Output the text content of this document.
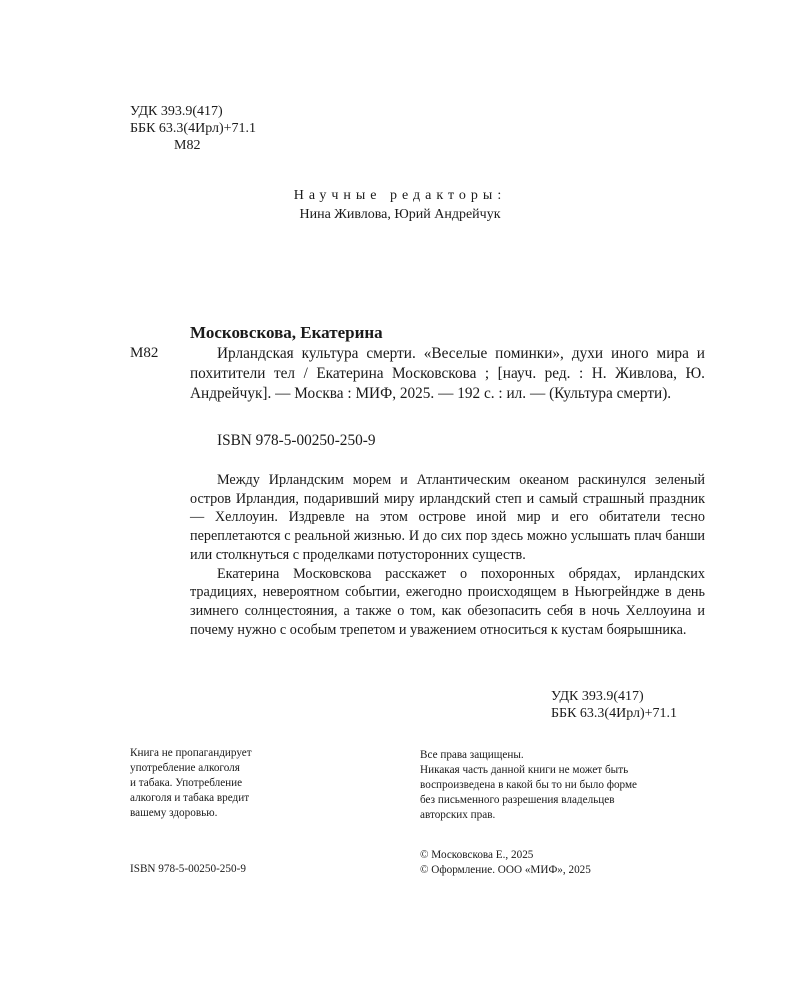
УДК 393.9(417)
ББК 63.3(4Ирл)+71.1
М82
Научные редакторы:
Нина Живлова, Юрий Андрейчук
Московскова, Екатерина
М82	Ирландская культура смерти. «Веселые поминки», духи иного мира и похитители тел / Екатерина Московскова ; [науч. ред. : Н. Живлова, Ю. Андрейчук]. — Москва : МИФ, 2025. — 192 с. : ил. — (Культура смерти).
ISBN 978-5-00250-250-9

Между Ирландским морем и Атлантическим океаном раскинулся зеленый остров Ирландия, подаривший миру ирландский степ и самый страшный праздник — Хеллоуин. Издревле на этом острове иной мир и его обитатели тесно переплетаются с реальной жизнью. И до сих пор здесь можно услышать плач банши или столкнуться с проделками потусторонних существ.

Екатерина Московскова расскажет о похоронных обрядах, ирландских традициях, невероятном событии, ежегодно происходящем в Ньюгрейндже в день зимнего солнцестояния, а также о том, как обезопасить себя в ночь Хеллоуина и почему нужно с особым трепетом и уважением относиться к кустам боярышника.

УДК 393.9(417)
ББК 63.3(4Ирл)+71.1
Книга не пропагандирует
употребление алкоголя
и табака. Употребление
алкоголя и табака вредит
вашему здоровью.
Все права защищены.
Никакая часть данной книги не может быть
воспроизведена в какой бы то ни было форме
без письменного разрешения владельцев
авторских прав.
ISBN 978-5-00250-250-9
© Московскова Е., 2025
© Оформление. ООО «МИФ», 2025
